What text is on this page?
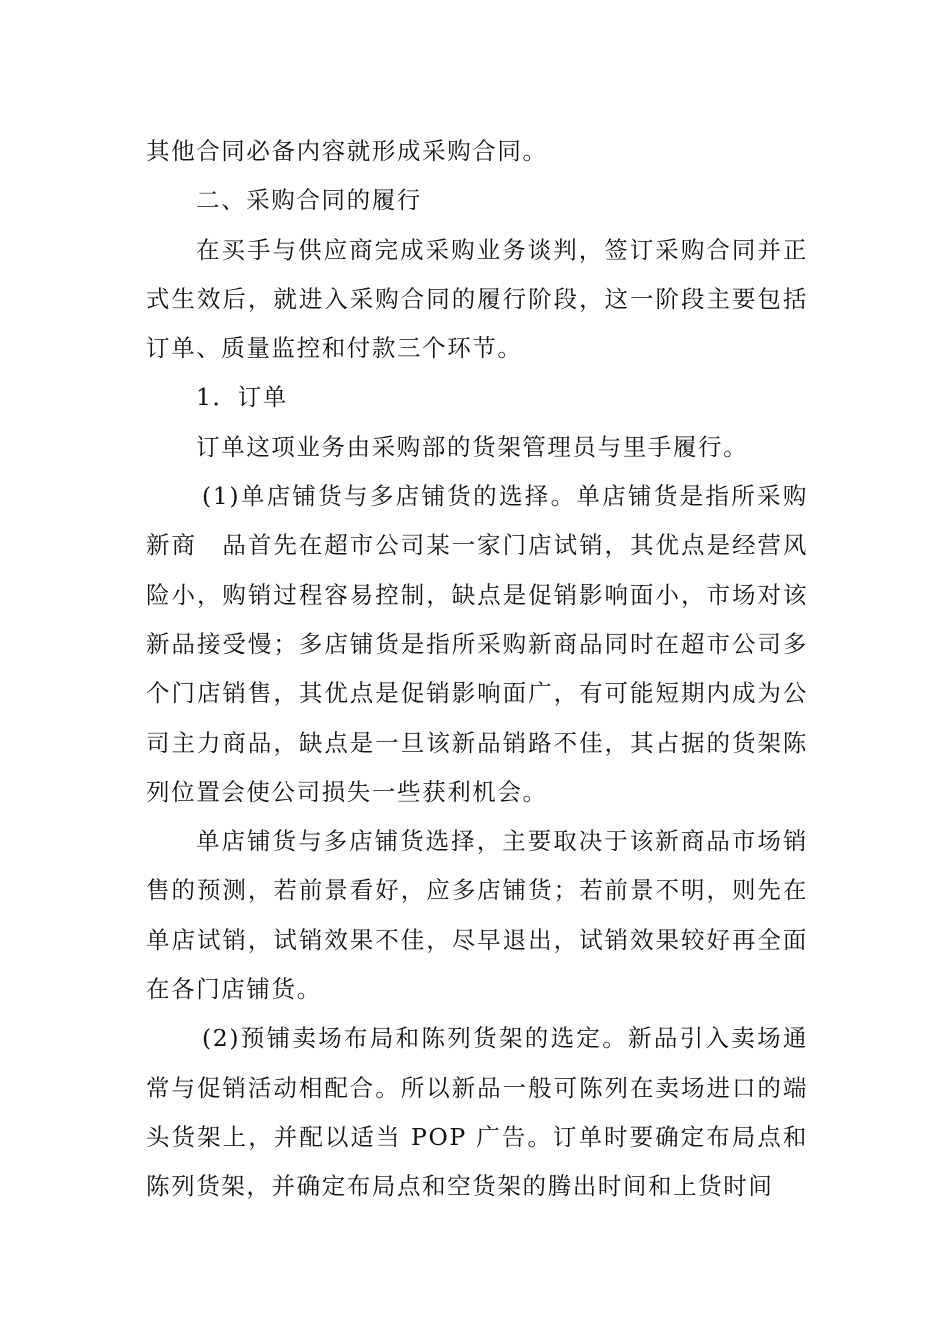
其他合同必备内容就形成采购合同。

二、采购合同的履行

在买手与供应商完成采购业务谈判，签订采购合同并正式生效后，就进入采购合同的履行阶段，这一阶段主要包括订单、质量监控和付款三个环节。

1．订单

订单这项业务由采购部的货架管理员与里手履行。

(1)单店铺货与多店铺货的选择。单店铺货是指所采购新商　品首先在超市公司某一家门店试销，其优点是经营风险小，购销过程容易控制，缺点是促销影响面小，市场对该新品接受慢；多店铺货是指所采购新商品同时在超市公司多个门店销售，其优点是促销影响面广，有可能短期内成为公司主力商品，缺点是一旦该新品销路不佳，其占据的货架陈列位置会使公司损失一些获利机会。

单店铺货与多店铺货选择，主要取决于该新商品市场销售的预测，若前景看好，应多店铺货；若前景不明，则先在单店试销，试销效果不佳，尽早退出，试销效果较好再全面在各门店铺货。

(2)预铺卖场布局和陈列货架的选定。新品引入卖场通常与促销活动相配合。所以新品一般可陈列在卖场进口的端头货架上，并配以适当 POP 广告。订单时要确定布局点和陈列货架，并确定布局点和空货架的腾出时间和上货时间
